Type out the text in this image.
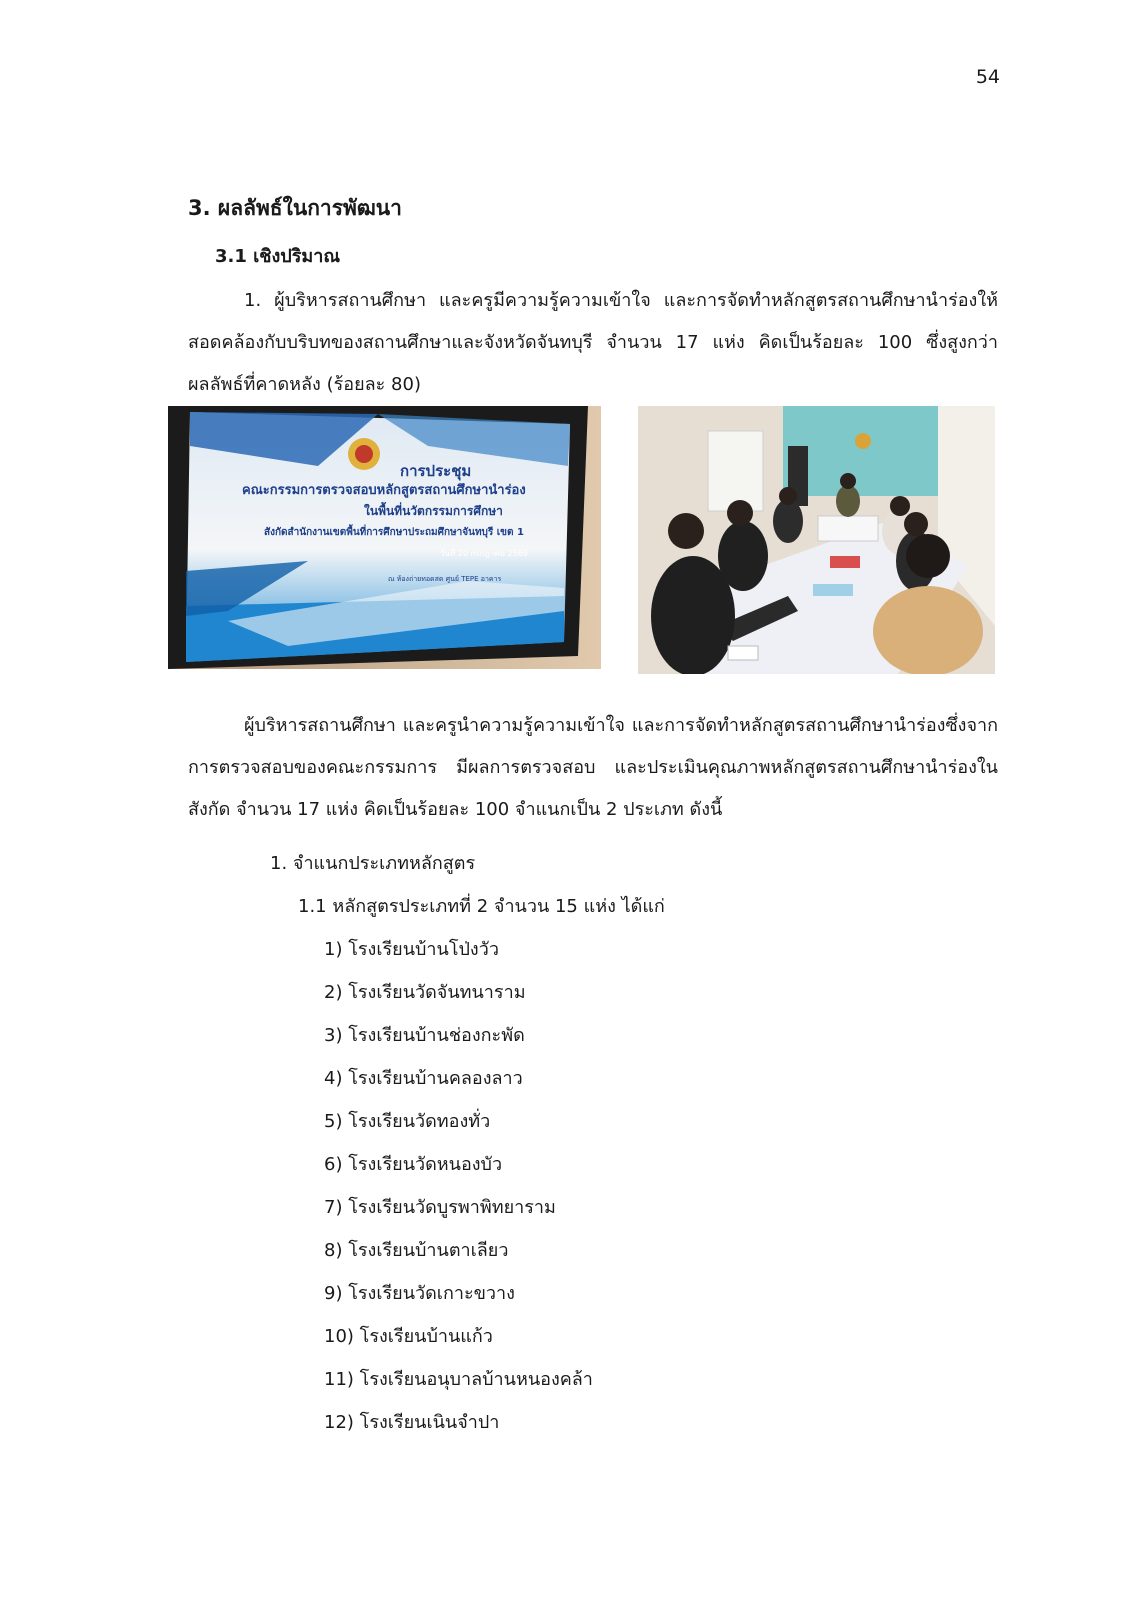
54
3. ผลลัพธ์ในการพัฒนา
3.1 เชิงปริมาณ
1. ผู้บริหารสถานศึกษา และครูมีความรู้ความเข้าใจ และการจัดทำหลักสูตรสถานศึกษานำร่องให้สอดคล้องกับบริบทของสถานศึกษาและจังหวัดจันทบุรี จำนวน 17 แห่ง คิดเป็นร้อยละ 100 ซึ่งสูงกว่าผลลัพธ์ที่คาดหลัง (ร้อยละ 80)
การประชุม
คณะกรรมการตรวจสอบหลักสูตรสถานศึกษานำร่อง
ในพื้นที่นวัตกรรมการศึกษา
สังกัดสำนักงานเขตพื้นที่การศึกษาประถมศึกษาจันทบุรี เขต 1
วันที่ 20 กรกฎาคม 2569
ณ ห้องถ่ายทอดสด ศูนย์ TEPE อาคาร
ผู้บริหารสถานศึกษา และครูนำความรู้ความเข้าใจ และการจัดทำหลักสูตรสถานศึกษานำร่องซึ่งจากการตรวจสอบของคณะกรรมการ มีผลการตรวจสอบ และประเมินคุณภาพหลักสูตรสถานศึกษานำร่องในสังกัด จำนวน 17 แห่ง คิดเป็นร้อยละ 100 จำแนกเป็น 2 ประเภท ดังนี้
1. จำแนกประเภทหลักสูตร
1.1 หลักสูตรประเภทที่ 2 จำนวน 15 แห่ง ได้แก่
1) โรงเรียนบ้านโป่งวัว
2) โรงเรียนวัดจันทนาราม
3) โรงเรียนบ้านช่องกะพัด
4) โรงเรียนบ้านคลองลาว
5) โรงเรียนวัดทองทั่ว
6) โรงเรียนวัดหนองบัว
7) โรงเรียนวัดบูรพาพิทยาราม
8) โรงเรียนบ้านตาเลียว
9) โรงเรียนวัดเกาะขวาง
10) โรงเรียนบ้านแก้ว
11) โรงเรียนอนุบาลบ้านหนองคล้า
12) โรงเรียนเนินจำปา
